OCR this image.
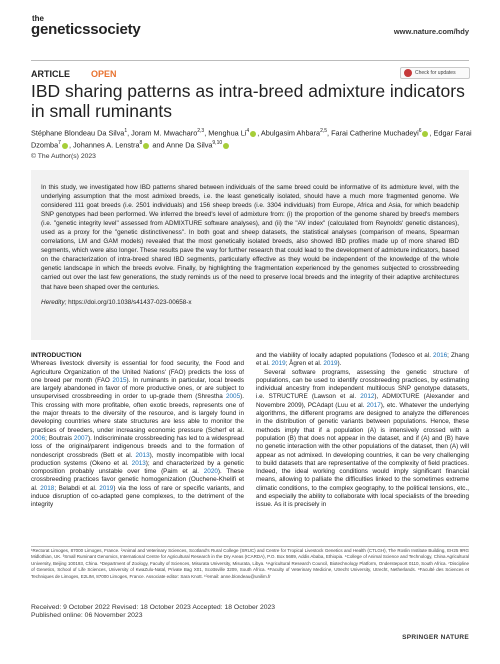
the
geneticssociety	www.nature.com/hdy
ARTICLE OPEN	Check for updates
IBD sharing patterns as intra-breed admixture indicators in small ruminants
Stéphane Blondeau Da Silva$^1$, Joram M. Mwacharo$^{2,3}$, Menghua Li$^4$ , Abulgasim Ahbara$^{2,5}$, Farai Catherine Muchadeyi$^6$ , Edgar Farai Dzomba$^7$ , Johannes A. Lenstra$^8$ and Anne Da Silva$^{9,10}$
© The Author(s) 2023

In this study, we investigated how IBD patterns shared between individuals of the same breed could be informative of its admixture level, with the underlying assumption that the most admixed breeds, i.e. the least genetically isolated, should have a much more fragmented genome. We considered 111 goat breeds (i.e. 2501 individuals) and 156 sheep breeds (i.e. 3304 individuals) from Europe, Africa and Asia, for which beadchip SNP genotypes had been performed. We inferred the breed's level of admixture from: (i) the proportion of the genome shared by breed's members (i.e. "genetic integrity level" assessed from ADMIXTURE software analyses), and (ii) the "AV index" (calculated from Reynolds' genetic distances), used as a proxy for the "genetic distinctiveness". In both goat and sheep datasets, the statistical analyses (comparison of means, Spearman correlations, LM and GAM models) revealed that the most genetically isolated breeds, also showed IBD profiles made up of more shared IBD segments, which were also longer. These results pave the way for further research that could lead to the development of admixture indicators, based on the characterization of intra-breed shared IBD segments, particularly effective as they would be independent of the knowledge of the whole genetic landscape in which the breeds evolve. Finally, by highlighting the fragmentation experienced by the genomes subjected to crossbreeding carried out over the last few generations, the study reminds us of the need to preserve local breeds and the integrity of their adaptive architectures that have been shaped over the centuries.

Heredity; https://doi.org/10.1038/s41437-023-00658-x

INTRODUCTION

Whereas livestock diversity is essential for food security, the Food and Agriculture Organization of the United Nations' (FAO) predicts the loss of one breed per month (FAO 2015). In ruminants in particular, local breeds are largely abandoned in favor of more productive ones, or are subject to unsupervised crossbreeding in order to up-grade them (Shrestha 2005). This crossing with more profitable, often exotic breeds, represents one of the major threats to the diversity of the resource, and is largely found in developing countries where state structures are less able to monitor the practices of breeders, under increasing economic pressure (Scherf et al. 2006; Boutrais 2007). Indiscriminate crossbreeding has led to a widespread loss of the original/parent indigenous breeds and to the formation of nondescript crossbreds (Bett et al. 2013), mostly incompatible with local production systems (Okeno et al. 2013); and characterized by a genetic composition probably unstable over time (Paim et al. 2020). These crossbreeding practices favor genetic homogenization (Ouchene-Khelifi et al. 2018; Belabdi et al. 2019) via the loss of rare or specific variants, and induce disruption of co-adapted gene complexes, to the detriment of the integrity

and the viability of locally adapted populations (Todesco et al. 2016; Zhang et al. 2019; Ågren et al. 2019).

Several software programs, assessing the genetic structure of populations, can be used to identify crossbreeding practices, by estimating individual ancestry from independent multilocus SNP genotype datasets, i.e. STRUCTURE (Lawson et al. 2012), ADMIXTURE (Alexander and Novembre 2009), PCAdapt (Luu et al. 2017), etc. Whatever the underlying algorithms, the different programs are designed to analyze the differences in the distribution of genetic variants between populations. Hence, these methods imply that if a population (A) is intensively crossed with a population (B) that does not appear in the dataset, and if (A) and (B) have no genetic interaction with the other populations of the dataset, then (A) will appear as not admixed. In developing countries, it can be very challenging to build datasets that are representative of the complexity of field practices. Indeed, the ideal working conditions would imply significant financial means, allowing to palliate the difficulties linked to the sometimes extreme climatic conditions, to the complex geography, to the political tensions, etc., and especially the ability to collaborate with local specialists of the breeding issue. As it is precisely in

¹Rectorat Limoges, 87000 Limoges, France. ²Animal and Veterinary Sciences, Scotland's Rural College (SRUC) and Centre for Tropical Livestock Genetics and Health (CTLGH), The Roslin Institute Building, EH25 9RG Midlothian, UK. ³Small Ruminant Genomics, International Centre for Agricultural Research in the Dry Areas (ICARDA), P.O. Box 5689, Addis Ababa, Ethiopia. ⁴College of Animal Science and Technology, China Agricultural University, Beijing 100193, China. ⁵Department of Zoology, Faculty of Sciences, Misurata University, Misurata, Libya. ⁶Agricultural Research Council, Biotechnology Platform, Onderstepoort 0110, South Africa. ⁷Discipline of Genetics, School of Life Sciences, University of KwaZulu-Natal, Private Bag X01, Scottsville 3209, South Africa. ⁸Faculty of Veterinary Medicine, Utrecht University, Utrecht, Netherlands. ⁹Faculté des Sciences et Techniques de Limoges, E2LIM, 87000 Limoges, France. Associate editor: Sara Knott. ¹⁰email: anne.blondeau@unilim.fr
Received: 9 October 2022 Revised: 18 October 2023 Accepted: 18 October 2023
Published online: 06 November 2023
SPRINGER NATURE
